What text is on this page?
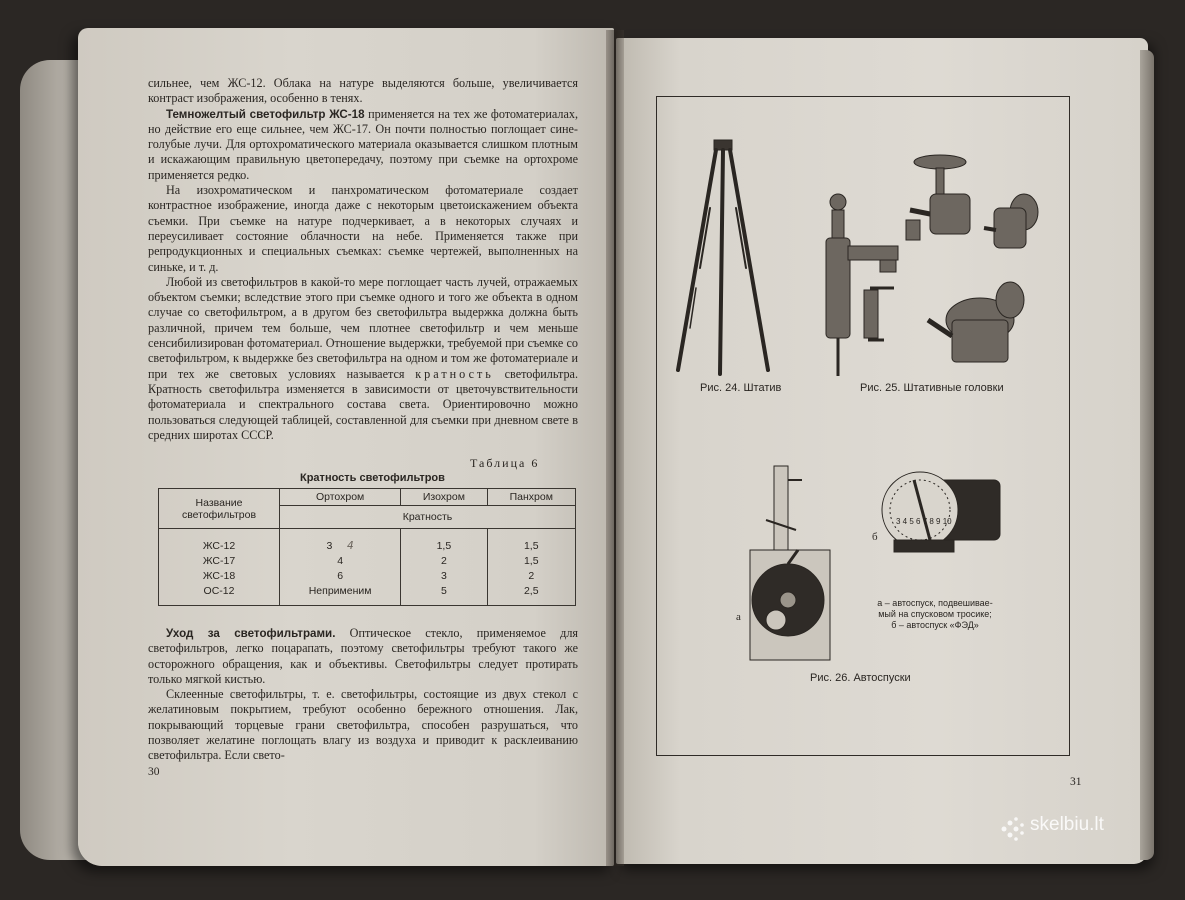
сильнее, чем ЖС-12. Облака на натуре выделяются больше, увеличивается контраст изображения, особенно в тенях.

Темножелтый светофильтр ЖС-18 применяется на тех же фотоматериалах, но действие его еще сильнее, чем ЖС-17. Он почти полностью поглощает сине-голубые лучи. Для ортохроматического материала оказывается слишком плотным и искажающим правильную цветопередачу, поэтому при съемке на ортохроме применяется редко.

На изохроматическом и панхроматическом фотоматериале создает контрастное изображение, иногда даже с некоторым цветоискажением объекта съемки. При съемке на натуре подчеркивает, а в некоторых случаях и переусиливает состояние облачности на небе. Применяется также при репродукционных и специальных съемках: съемке чертежей, выполненных на синьке, и т. д.

Любой из светофильтров в какой-то мере поглощает часть лучей, отражаемых объектом съемки; вследствие этого при съемке одного и того же объекта в одном случае со светофильтром, а в другом без светофильтра выдержка должна быть различной, причем тем больше, чем плотнее светофильтр и чем меньше сенсибилизирован фотоматериал. Отношение выдержки, требуемой при съемке со светофильтром, к выдержке без светофильтра на одном и том же фотоматериале и при тех же световых условиях называется кратность светофильтра. Кратность светофильтра изменяется в зависимости от цветочувствительности фотоматериала и спектрального состава света. Ориентировочно можно пользоваться следующей таблицей, составленной для съемки при дневном свете в средних широтах СССР.

Таблица 6
Кратность светофильтров
Название светофильтров	Ортохром	Изохром	Панхром
	Кратность		
ЖС-12	3 4	1,5	1,5
ЖС-17	4	2	1,5
ЖС-18	6	3	2
ОС-12	Неприменим	5	2,5

Уход за светофильтрами. Оптическое стекло, применяемое для светофильтров, легко поцарапать, поэтому светофильтры требуют такого же осторожного обращения, как и объективы. Светофильтры следует протирать только мягкой кистью.

Склеенные светофильтры, т. е. светофильтры, состоящие из двух стекол с желатиновым покрытием, требуют особенно бережного отношения. Лак, покрывающий торцевые грани светофильтра, способен разрушаться, что позволяет желатине поглощать влагу из воздуха и приводит к расклеиванию светофильтра. Если свето-

30
Рис. 24. Штатив	Рис. 25. Штативные головки
а
3 4 5 6 7 8 9 10
б
а – автоспуск, подвешивае-
мый на спусковом тросике;
б – автоспуск «ФЭД»
Рис. 26. Автоспуски
31
skelbiu.lt
